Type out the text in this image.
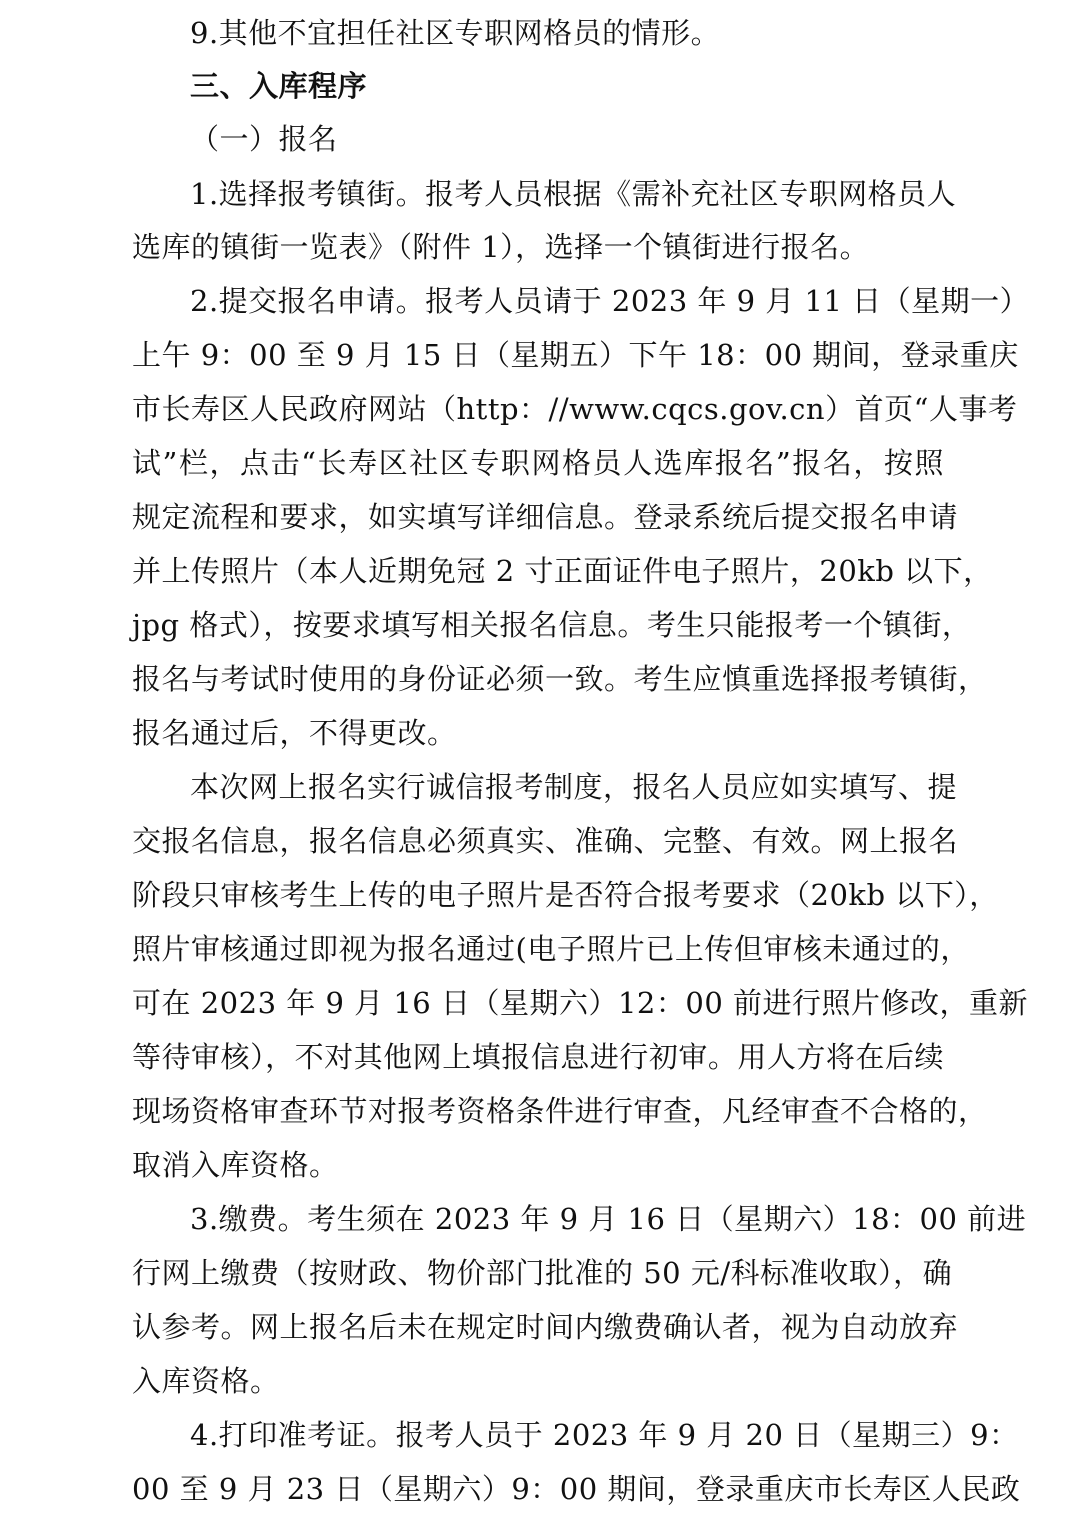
9.其他不宜担任社区专职网格员的情形。
三、入库程序
（一）报名
1.选择报考镇街。报考人员根据《需补充社区专职网格员人
选库的镇街一览表》（附件 1），选择一个镇街进行报名。
2.提交报名申请。报考人员请于 2023 年 9 月 11 日（星期一）
上午 9：00 至 9 月 15 日（星期五）下午 18：00 期间，登录重庆
市长寿区人民政府网站（http：//www.cqcs.gov.cn）首页“人事考
试”栏，点击“长寿区社区专职网格员人选库报名”报名，按照
规定流程和要求，如实填写详细信息。登录系统后提交报名申请
并上传照片（本人近期免冠 2 寸正面证件电子照片，20kb 以下，
jpg 格式），按要求填写相关报名信息。考生只能报考一个镇街，
报名与考试时使用的身份证必须一致。考生应慎重选择报考镇街，
报名通过后，不得更改。
本次网上报名实行诚信报考制度，报名人员应如实填写、提
交报名信息，报名信息必须真实、准确、完整、有效。网上报名
阶段只审核考生上传的电子照片是否符合报考要求（20kb 以下），
照片审核通过即视为报名通过(电子照片已上传但审核未通过的，
可在 2023 年 9 月 16 日（星期六）12：00 前进行照片修改，重新
等待审核），不对其他网上填报信息进行初审。用人方将在后续
现场资格审查环节对报考资格条件进行审查，凡经审查不合格的，
取消入库资格。
3.缴费。考生须在 2023 年 9 月 16 日（星期六）18：00 前进
行网上缴费（按财政、物价部门批准的 50 元/科标准收取），确
认参考。网上报名后未在规定时间内缴费确认者，视为自动放弃
入库资格。
4.打印准考证。报考人员于 2023 年 9 月 20 日（星期三）9：
00 至 9 月 23 日（星期六）9：00 期间，登录重庆市长寿区人民政
